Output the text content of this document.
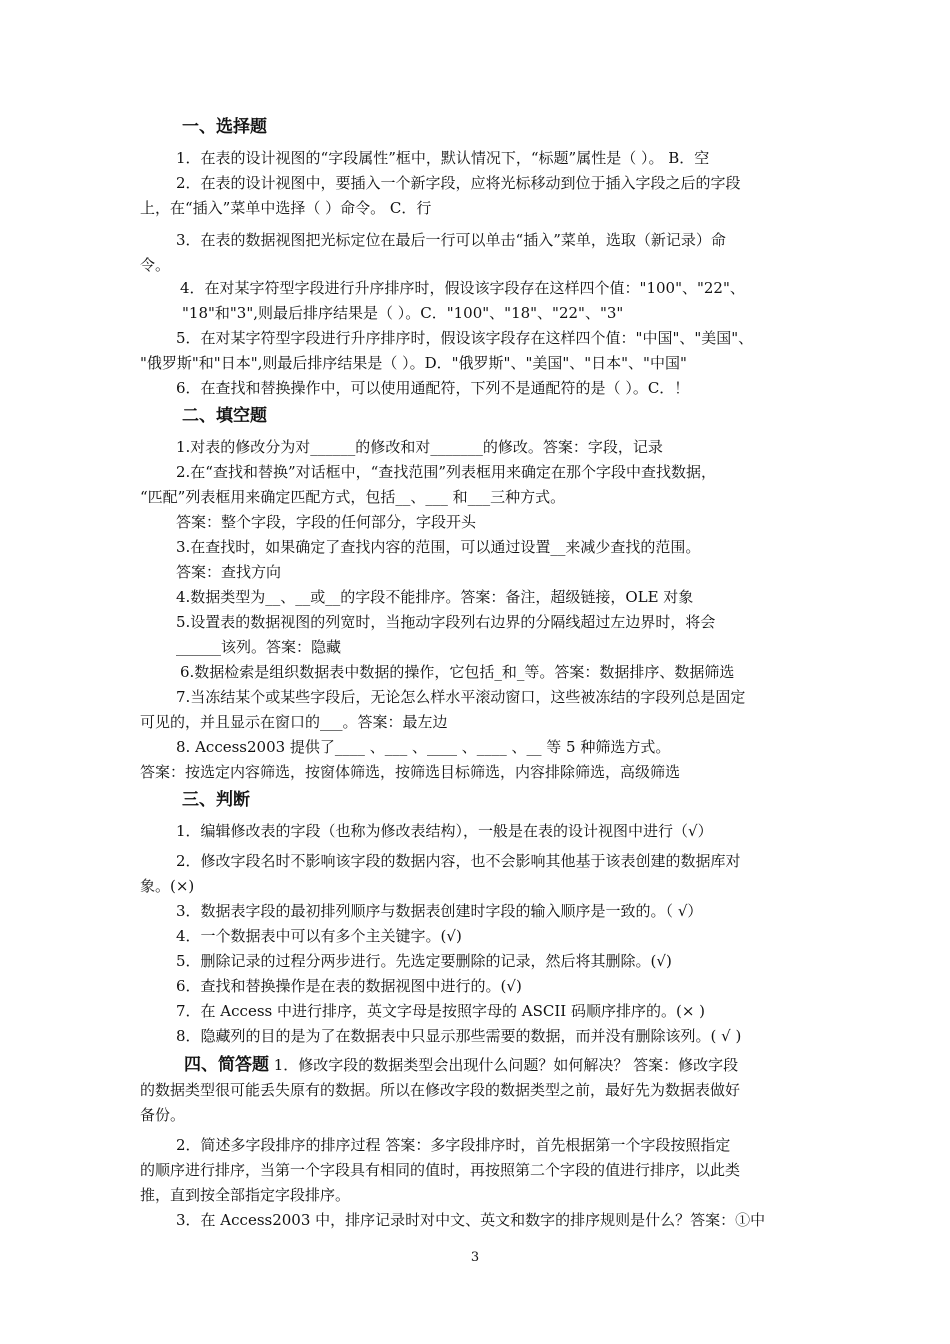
一、选择题
1．在表的设计视图的“字段属性”框中，默认情况下，“标题”属性是（ ）。 B．空
2．在表的设计视图中，要插入一个新字段，应将光标移动到位于插入字段之后的字段
上，在“插入”菜单中选择（ ）命令。 C．行
3．在表的数据视图把光标定位在最后一行可以单击“插入”菜单，选取（新记录）命
令。
4．在对某字符型字段进行升序排序时，假设该字段存在这样四个值："100"、"22"、
"18"和"3",则最后排序结果是（ ）。C．"100"、"18"、"22"、"3"
5．在对某字符型字段进行升序排序时，假设该字段存在这样四个值："中国"、"美国"、
"俄罗斯"和"日本",则最后排序结果是（ ）。D．"俄罗斯"、"美国"、"日本"、"中国"
6．在查找和替换操作中，可以使用通配符，下列不是通配符的是（ ）。C．！
二、填空题
1.对表的修改分为对______的修改和对_______的修改。答案：字段，记录
2.在“查找和替换”对话框中，“查找范围”列表框用来确定在那个字段中查找数据，
“匹配”列表框用来确定匹配方式，包括__、___ 和___三种方式。
答案：整个字段，字段的任何部分，字段开头
3.在查找时，如果确定了查找内容的范围，可以通过设置__来减少查找的范围。
答案：查找方向
4.数据类型为__、__或__的字段不能排序。答案：备注，超级链接，OLE 对象
5.设置表的数据视图的列宽时，当拖动字段列右边界的分隔线超过左边界时，将会
______该列。答案：隐藏
6.数据检索是组织数据表中数据的操作，它包括_和_等。答案：数据排序、数据筛选
7.当冻结某个或某些字段后，无论怎么样水平滚动窗口，这些被冻结的字段列总是固定
可见的，并且显示在窗口的___。答案：最左边
8. Access2003 提供了____ 、___ 、____ 、____ 、__ 等 5 种筛选方式。
答案：按选定内容筛选，按窗体筛选，按筛选目标筛选，内容排除筛选，高级筛选
三、判断
1．编辑修改表的字段（也称为修改表结构），一般是在表的设计视图中进行（√）
2．修改字段名时不影响该字段的数据内容，也不会影响其他基于该表创建的数据库对
象。(×)
3．数据表字段的最初排列顺序与数据表创建时字段的输入顺序是一致的。（ √）
4．一个数据表中可以有多个主关键字。(√)
5．删除记录的过程分两步进行。先选定要删除的记录，然后将其删除。(√)
6．查找和替换操作是在表的数据视图中进行的。(√)
7．在 Access 中进行排序，英文字母是按照字母的 ASCII 码顺序排序的。(× )
8．隐藏列的目的是为了在数据表中只显示那些需要的数据，而并没有删除该列。( √ )
四、简答题 1．修改字段的数据类型会出现什么问题？如何解决？ 答案：修改字段
的数据类型很可能丢失原有的数据。所以在修改字段的数据类型之前，最好先为数据表做好
备份。
2．简述多字段排序的排序过程 答案：多字段排序时，首先根据第一个字段按照指定
的顺序进行排序，当第一个字段具有相同的值时，再按照第二个字段的值进行排序，以此类
推，直到按全部指定字段排序。
3．在 Access2003 中，排序记录时对中文、英文和数字的排序规则是什么？答案：①中
3
